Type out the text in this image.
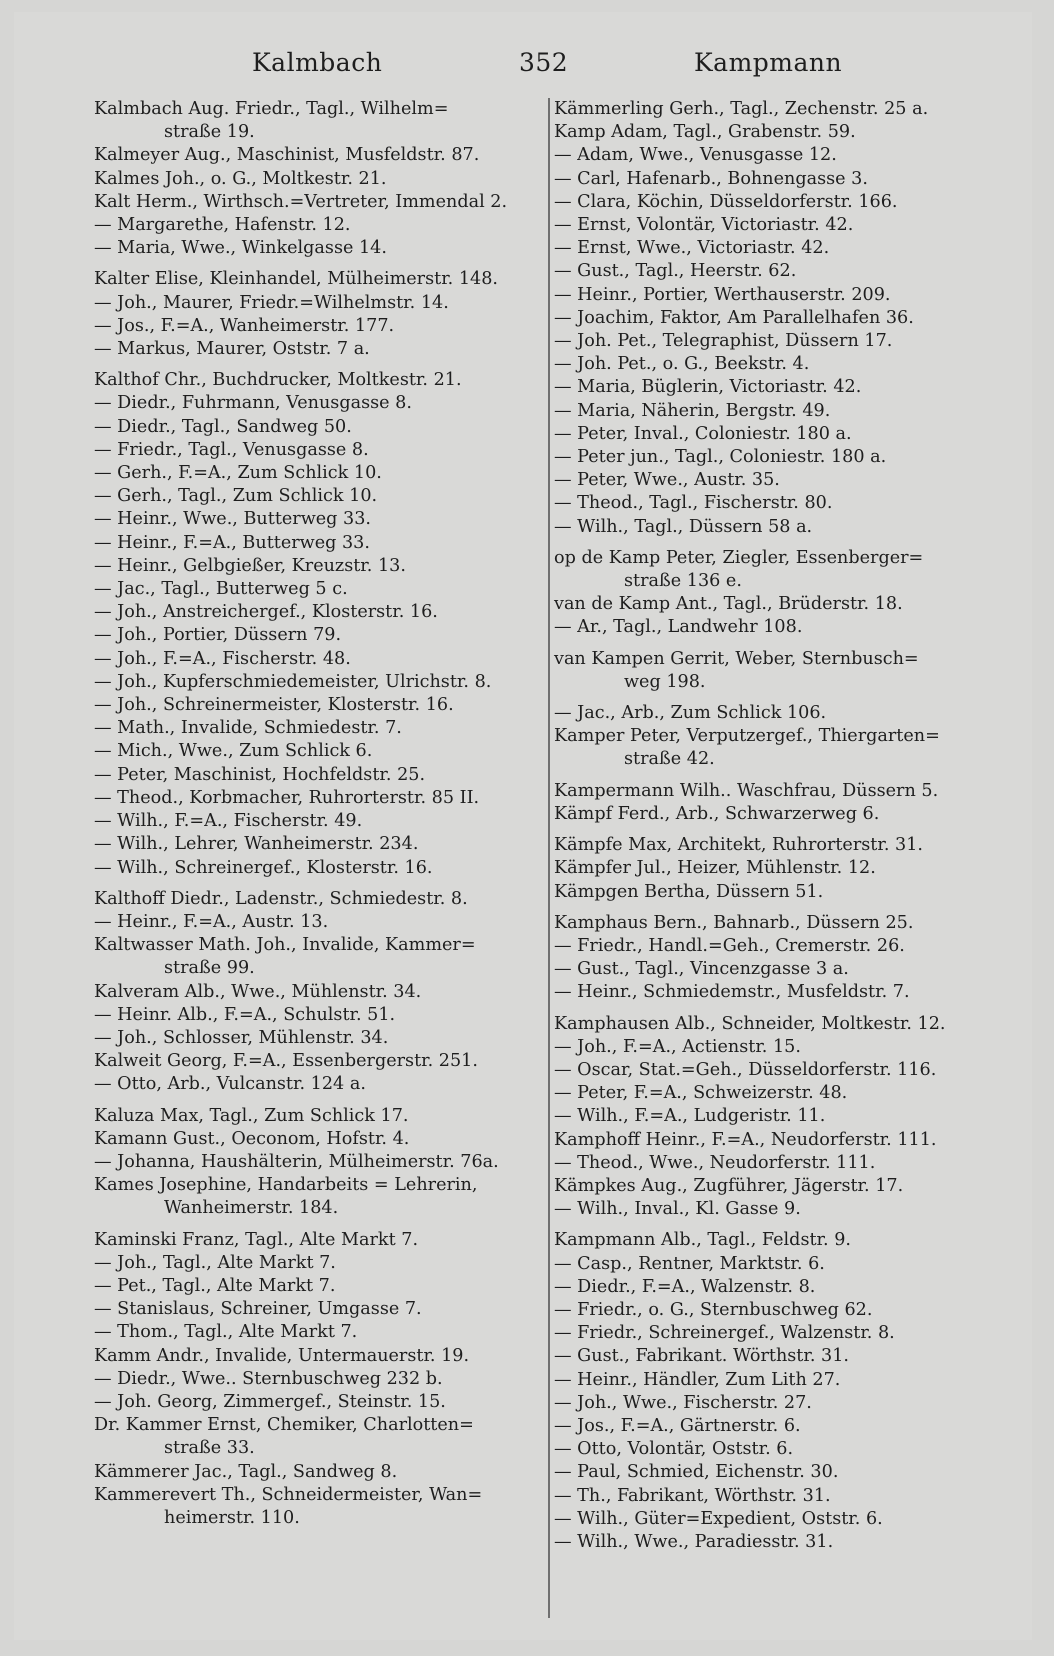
Kalmbach	352	Kampmann

Kalmbach Aug. Friedr., Tagl., Wilhelm=

straße 19.

Kalmeyer Aug., Maschinist, Musfeldstr. 87.

Kalmes Joh., o. G., Moltkestr. 21.

Kalt Herm., Wirthsch.=Vertreter, Immendal 2.

— Margarethe, Hafenstr. 12.

— Maria, Wwe., Winkelgasse 14.

Kalter Elise, Kleinhandel, Mülheimerstr. 148.

— Joh., Maurer, Friedr.=Wilhelmstr. 14.

— Jos., F.=A., Wanheimerstr. 177.

— Markus, Maurer, Oststr. 7 a.

Kalthof Chr., Buchdrucker, Moltkestr. 21.

— Diedr., Fuhrmann, Venusgasse 8.

— Diedr., Tagl., Sandweg 50.

— Friedr., Tagl., Venusgasse 8.

— Gerh., F.=A., Zum Schlick 10.

— Gerh., Tagl., Zum Schlick 10.

— Heinr., Wwe., Butterweg 33.

— Heinr., F.=A., Butterweg 33.

— Heinr., Gelbgießer, Kreuzstr. 13.

— Jac., Tagl., Butterweg 5 c.

— Joh., Anstreichergef., Klosterstr. 16.

— Joh., Portier, Düssern 79.

— Joh., F.=A., Fischerstr. 48.

— Joh., Kupferschmiedemeister, Ulrichstr. 8.

— Joh., Schreinermeister, Klosterstr. 16.

— Math., Invalide, Schmiedestr. 7.

— Mich., Wwe., Zum Schlick 6.

— Peter, Maschinist, Hochfeldstr. 25.

— Theod., Korbmacher, Ruhrorterstr. 85 II.

— Wilh., F.=A., Fischerstr. 49.

— Wilh., Lehrer, Wanheimerstr. 234.

— Wilh., Schreinergef., Klosterstr. 16.

Kalthoff Diedr., Ladenstr., Schmiedestr. 8.

— Heinr., F.=A., Austr. 13.

Kaltwasser Math. Joh., Invalide, Kammer=

straße 99.

Kalveram Alb., Wwe., Mühlenstr. 34.

— Heinr. Alb., F.=A., Schulstr. 51.

— Joh., Schlosser, Mühlenstr. 34.

Kalweit Georg, F.=A., Essenbergerstr. 251.

— Otto, Arb., Vulcanstr. 124 a.

Kaluza Max, Tagl., Zum Schlick 17.

Kamann Gust., Oeconom, Hofstr. 4.

— Johanna, Haushälterin, Mülheimerstr. 76a.

Kames Josephine, Handarbeits = Lehrerin,

Wanheimerstr. 184.

Kaminski Franz, Tagl., Alte Markt 7.

— Joh., Tagl., Alte Markt 7.

— Pet., Tagl., Alte Markt 7.

— Stanislaus, Schreiner, Umgasse 7.

— Thom., Tagl., Alte Markt 7.

Kamm Andr., Invalide, Untermauerstr. 19.

— Diedr., Wwe.. Sternbuschweg 232 b.

— Joh. Georg, Zimmergef., Steinstr. 15.

Dr. Kammer Ernst, Chemiker, Charlotten=

straße 33.

Kämmerer Jac., Tagl., Sandweg 8.

Kammerevert Th., Schneidermeister, Wan=

heimerstr. 110.

Kämmerling Gerh., Tagl., Zechenstr. 25 a.

Kamp Adam, Tagl., Grabenstr. 59.

— Adam, Wwe., Venusgasse 12.

— Carl, Hafenarb., Bohnengasse 3.

— Clara, Köchin, Düsseldorferstr. 166.

— Ernst, Volontär, Victoriastr. 42.

— Ernst, Wwe., Victoriastr. 42.

— Gust., Tagl., Heerstr. 62.

— Heinr., Portier, Werthauserstr. 209.

— Joachim, Faktor, Am Parallelhafen 36.

— Joh. Pet., Telegraphist, Düssern 17.

— Joh. Pet., o. G., Beekstr. 4.

— Maria, Büglerin, Victoriastr. 42.

— Maria, Näherin, Bergstr. 49.

— Peter, Inval., Coloniestr. 180 a.

— Peter jun., Tagl., Coloniestr. 180 a.

— Peter, Wwe., Austr. 35.

— Theod., Tagl., Fischerstr. 80.

— Wilh., Tagl., Düssern 58 a.

op de Kamp Peter, Ziegler, Essenberger=

straße 136 e.

van de Kamp Ant., Tagl., Brüderstr. 18.

— Ar., Tagl., Landwehr 108.

van Kampen Gerrit, Weber, Sternbusch=

weg 198.

— Jac., Arb., Zum Schlick 106.

Kamper Peter, Verputzergef., Thiergarten=

straße 42.

Kampermann Wilh.. Waschfrau, Düssern 5.

Kämpf Ferd., Arb., Schwarzerweg 6.

Kämpfe Max, Architekt, Ruhrorterstr. 31.

Kämpfer Jul., Heizer, Mühlenstr. 12.

Kämpgen Bertha, Düssern 51.

Kamphaus Bern., Bahnarb., Düssern 25.

— Friedr., Handl.=Geh., Cremerstr. 26.

— Gust., Tagl., Vincenzgasse 3 a.

— Heinr., Schmiedemstr., Musfeldstr. 7.

Kamphausen Alb., Schneider, Moltkestr. 12.

— Joh., F.=A., Actienstr. 15.

— Oscar, Stat.=Geh., Düsseldorferstr. 116.

— Peter, F.=A., Schweizerstr. 48.

— Wilh., F.=A., Ludgeristr. 11.

Kamphoff Heinr., F.=A., Neudorferstr. 111.

— Theod., Wwe., Neudorferstr. 111.

Kämpkes Aug., Zugführer, Jägerstr. 17.

— Wilh., Inval., Kl. Gasse 9.

Kampmann Alb., Tagl., Feldstr. 9.

— Casp., Rentner, Marktstr. 6.

— Diedr., F.=A., Walzenstr. 8.

— Friedr., o. G., Sternbuschweg 62.

— Friedr., Schreinergef., Walzenstr. 8.

— Gust., Fabrikant. Wörthstr. 31.

— Heinr., Händler, Zum Lith 27.

— Joh., Wwe., Fischerstr. 27.

— Jos., F.=A., Gärtnerstr. 6.

— Otto, Volontär, Oststr. 6.

— Paul, Schmied, Eichenstr. 30.

— Th., Fabrikant, Wörthstr. 31.

— Wilh., Güter=Expedient, Oststr. 6.

— Wilh., Wwe., Paradiesstr. 31.
